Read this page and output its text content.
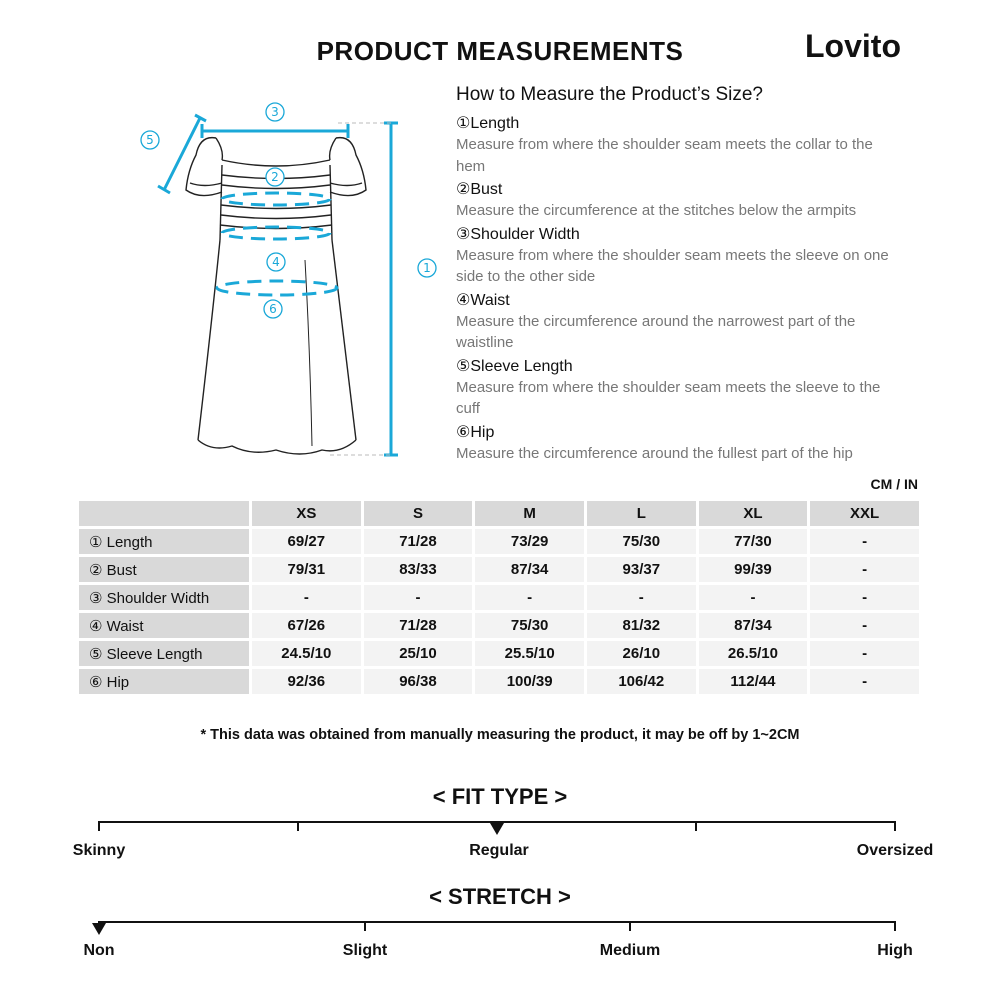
PRODUCT MEASUREMENTS	Lovito
3
5
2
4
6
1
How to Measure the Product’s Size?
①Length
Measure from where the shoulder seam meets the collar to the hem
②Bust
Measure the circumference at the stitches below the armpits
③Shoulder Width
Measure from where the shoulder seam meets the sleeve on one side to the other side
④Waist
Measure the circumference around the narrowest part of the waistline
⑤Sleeve Length
Measure from where the shoulder seam meets the sleeve to the cuff
⑥Hip
Measure the circumference around the fullest part of the hip
CM / IN
	XS	S	M	L	XL	XXL
① Length	69/27	71/28	73/29	75/30	77/30	-
② Bust	79/31	83/33	87/34	93/37	99/39	-
③ Shoulder Width	-	-	-	-	-	-
④ Waist	67/26	71/28	75/30	81/32	87/34	-
⑤ Sleeve Length	24.5/10	25/10	25.5/10	26/10	26.5/10	-
⑥ Hip	92/36	96/38	100/39	106/42	112/44	-
* This data was obtained from manually measuring the product, it may be off by 1~2CM
< FIT TYPE >
Skinny	Regular	Oversized
< STRETCH >
Non	Slight	Medium	High
